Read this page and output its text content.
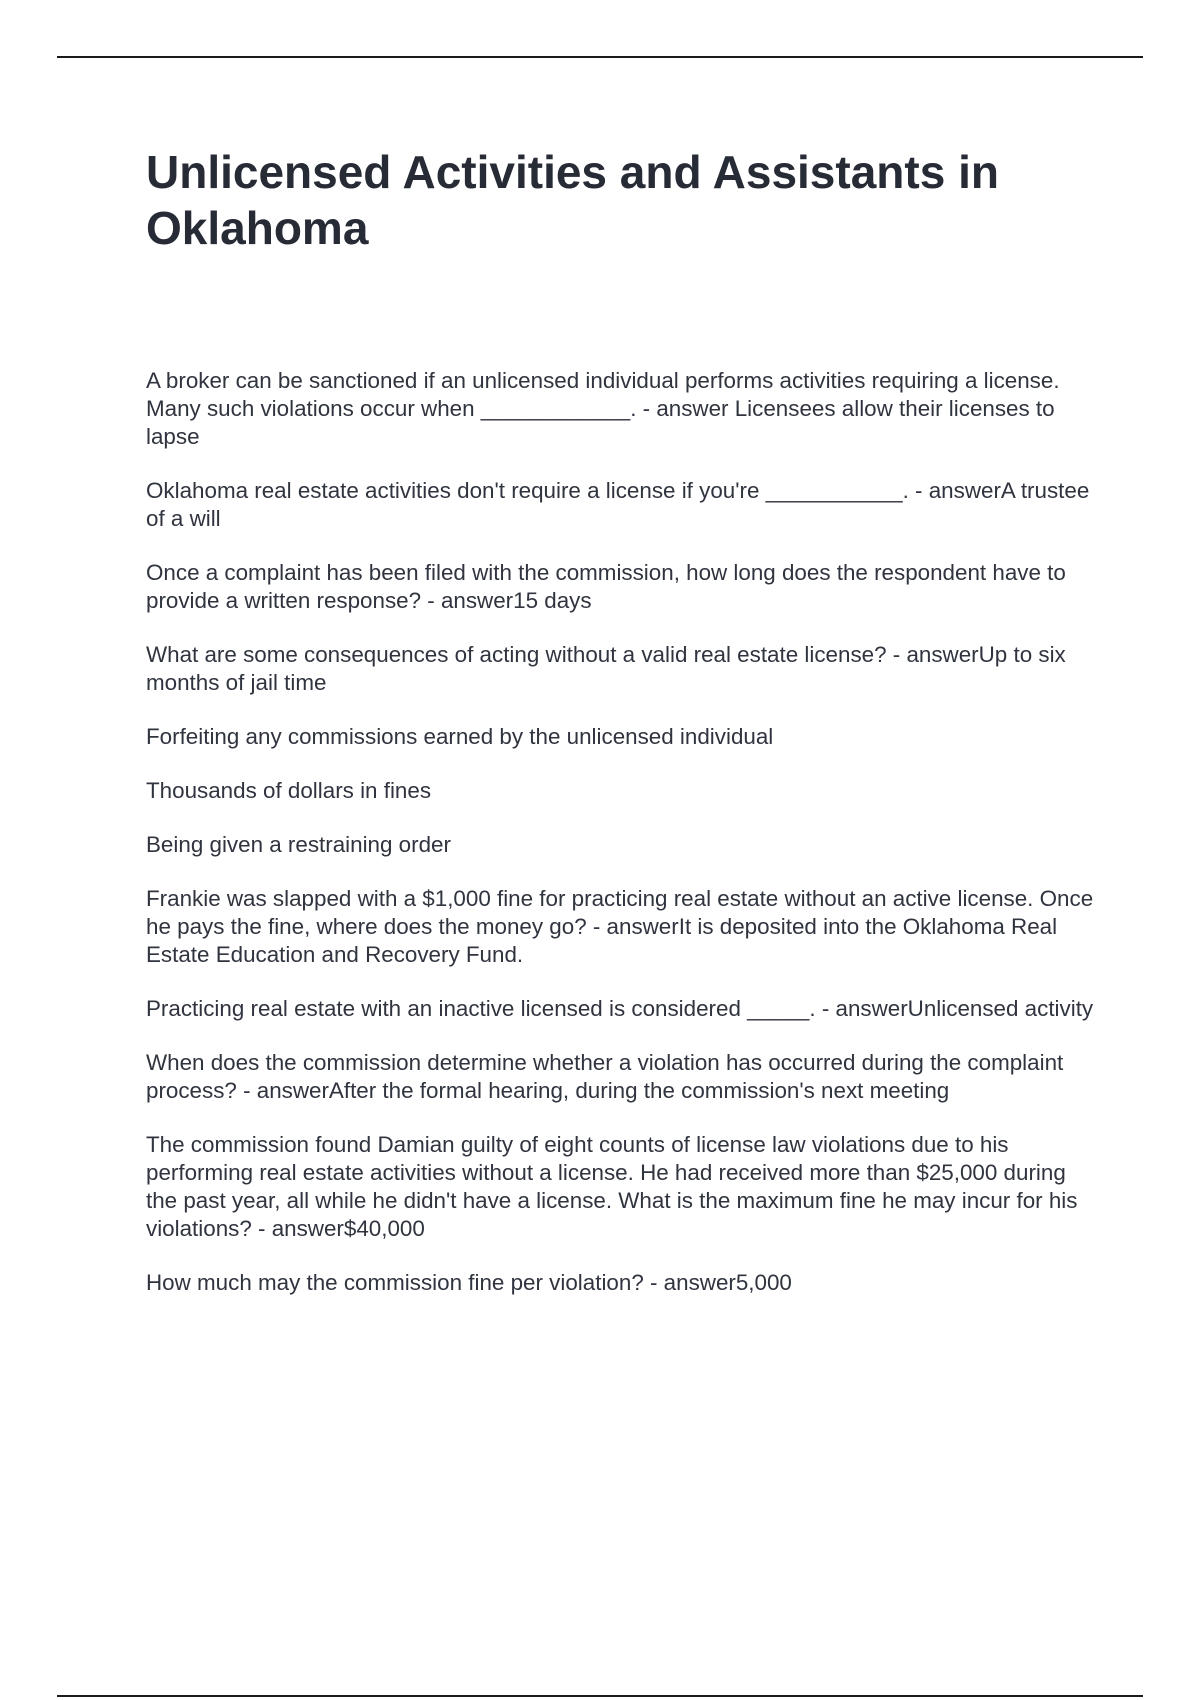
Unlicensed Activities and Assistants in Oklahoma

A broker can be sanctioned if an unlicensed individual performs activities requiring a license. Many such violations occur when ____________. - answer Licensees allow their licenses to lapse

Oklahoma real estate activities don't require a license if you're ___________. - answerA trustee of a will

Once a complaint has been filed with the commission, how long does the respondent have to provide a written response? - answer15 days

What are some consequences of acting without a valid real estate license? - answerUp to six months of jail time

Forfeiting any commissions earned by the unlicensed individual

Thousands of dollars in fines

Being given a restraining order

Frankie was slapped with a $1,000 fine for practicing real estate without an active license. Once he pays the fine, where does the money go? - answerIt is deposited into the Oklahoma Real Estate Education and Recovery Fund.

Practicing real estate with an inactive licensed is considered _____. - answerUnlicensed activity

When does the commission determine whether a violation has occurred during the complaint process? - answerAfter the formal hearing, during the commission's next meeting

The commission found Damian guilty of eight counts of license law violations due to his performing real estate activities without a license. He had received more than $25,000 during the past year, all while he didn't have a license. What is the maximum fine he may incur for his violations? - answer$40,000

How much may the commission fine per violation? - answer5,000
